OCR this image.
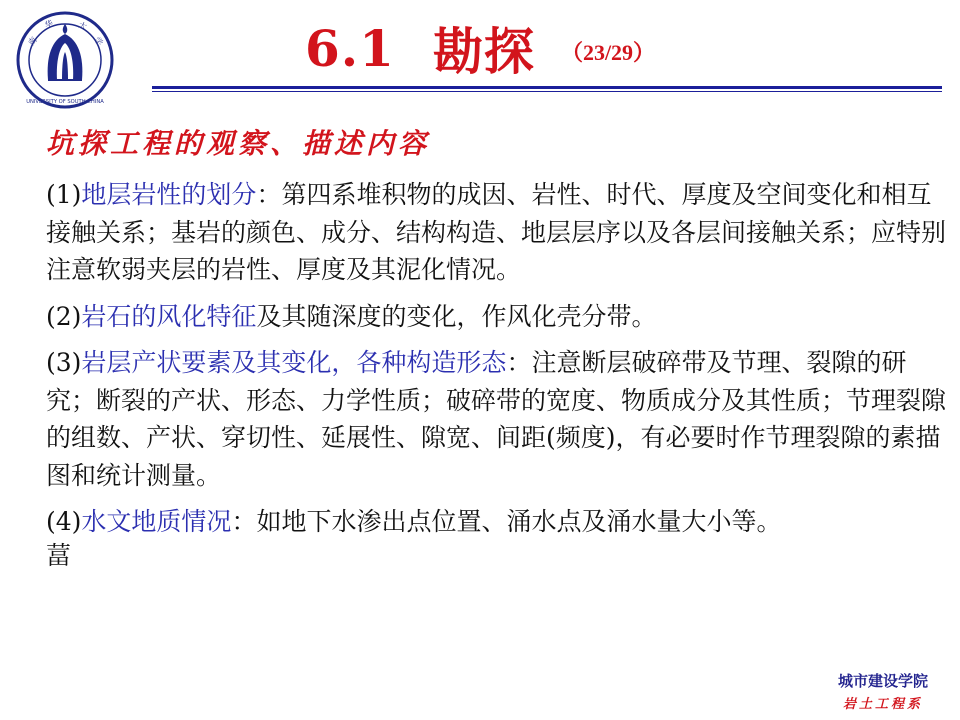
UNIVERSITY OF SOUTH CHINA
南
华	大
学	6.1 勘探 （23/29）
坑探工程的观察、描述内容

(1)地层岩性的划分：第四系堆积物的成因、岩性、时代、厚度及空间变化和相互接触关系；基岩的颜色、成分、结构构造、地层层序以及各层间接触关系；应特别注意软弱夹层的岩性、厚度及其泥化情况。

(2)岩石的风化特征及其随深度的变化，作风化壳分带。

(3)岩层产状要素及其变化，各种构造形态：注意断层破碎带及节理、裂隙的研究；断裂的产状、形态、力学性质；破碎带的宽度、物质成分及其性质；节理裂隙的组数、产状、穿切性、延展性、隙宽、间距(频度)，有必要时作节理裂隙的素描图和统计测量。

(4)水文地质情况：如地下水渗出点位置、涌水点及涌水量大小等。

葍
城市建设学院
岩土工程系
